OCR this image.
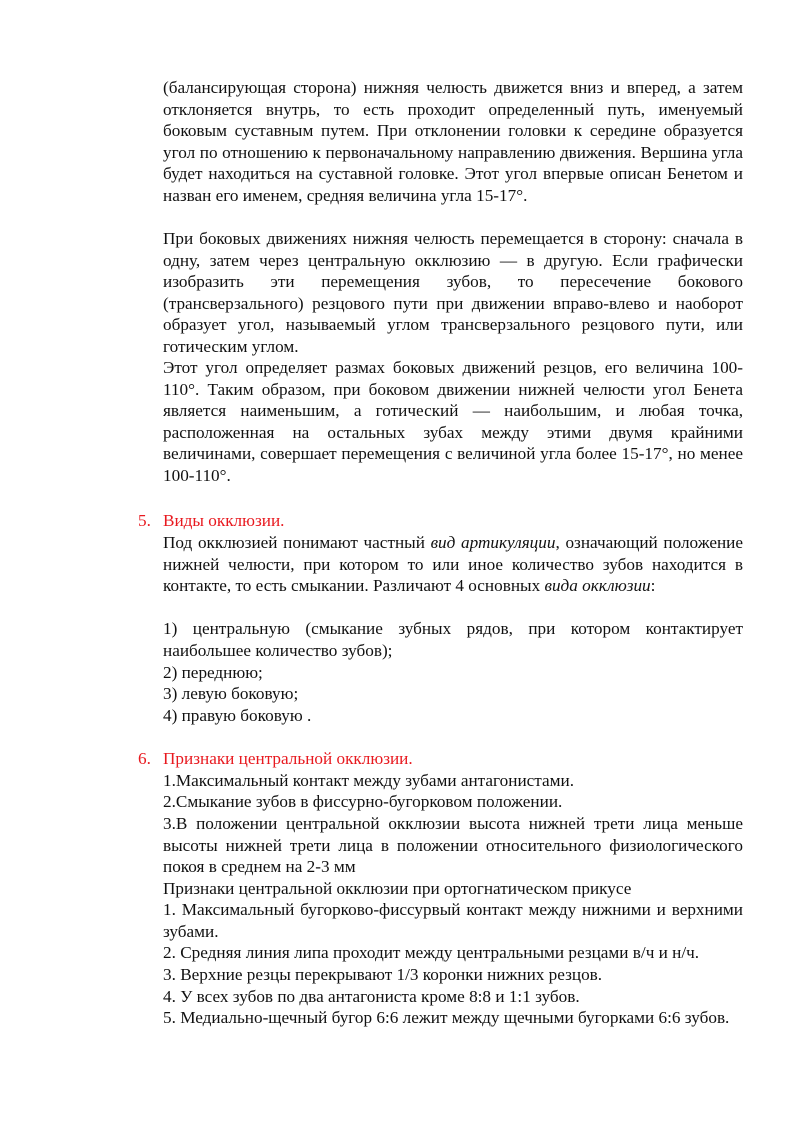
(балансирующая сторона) нижняя челюсть движется вниз и вперед, а затем отклоняется внутрь, то есть проходит определенный путь, именуемый боковым суставным путем. При отклонении головки к середине образуется угол по отношению к первоначальному направлению движения. Вершина угла будет находиться на суставной головке. Этот угол впервые описан Бенетом и назван его именем, средняя величина угла 15-17°.

При боковых движениях нижняя челюсть перемещается в сторону: сначала в одну, затем через центральную окклюзию — в другую. Если графически изобразить эти перемещения зубов, то пересечение бокового (трансверзального) резцового пути при движении вправо-влево и наоборот образует угол, называемый углом трансверзального резцового пути, или готическим углом.

Этот угол определяет размах боковых движений резцов, его величина 100-110°. Таким образом, при боковом движении нижней челюсти угол Бенета является наименьшим, а готический — наибольшим, и любая точка, расположенная на остальных зубах между этими двумя крайними величинами, совершает перемещения с величиной угла более 15-17°, но менее 100-110°.

5. Виды окклюзии.

Под окклюзией понимают частный вид артикуляции, означающий положение нижней челюсти, при котором то или иное количество зубов находится в контакте, то есть смыкании. Различают 4 основных вида окклюзии:

1) центральную (смыкание зубных рядов, при котором контактирует наибольшее количество зубов);

2) переднюю;

3) левую боковую;

4) правую боковую .

6. Признаки центральной окклюзии.

1.Максимальный контакт между зубами антагонистами.

2.Смыкание зубов в фиссурно-бугорковом положении.

3.В положении центральной окклюзии высота нижней трети лица меньше высоты нижней трети лица в положении относительного физиологического покоя в среднем на 2-3 мм

Признаки центральной окклюзии при ортогнатическом прикусе

1. Максимальный бугорково-фиссурвый контакт между нижними и верхними зубами.

2. Средняя линия липа проходит между центральными резцами в/ч и н/ч.

3. Верхние резцы перекрывают 1/3 коронки нижних резцов.

4. У всех зубов по два антагониста кроме 8:8 и 1:1 зубов.

5. Медиально-щечный бугор 6:6 лежит между щечными бугорками 6:6 зубов.
